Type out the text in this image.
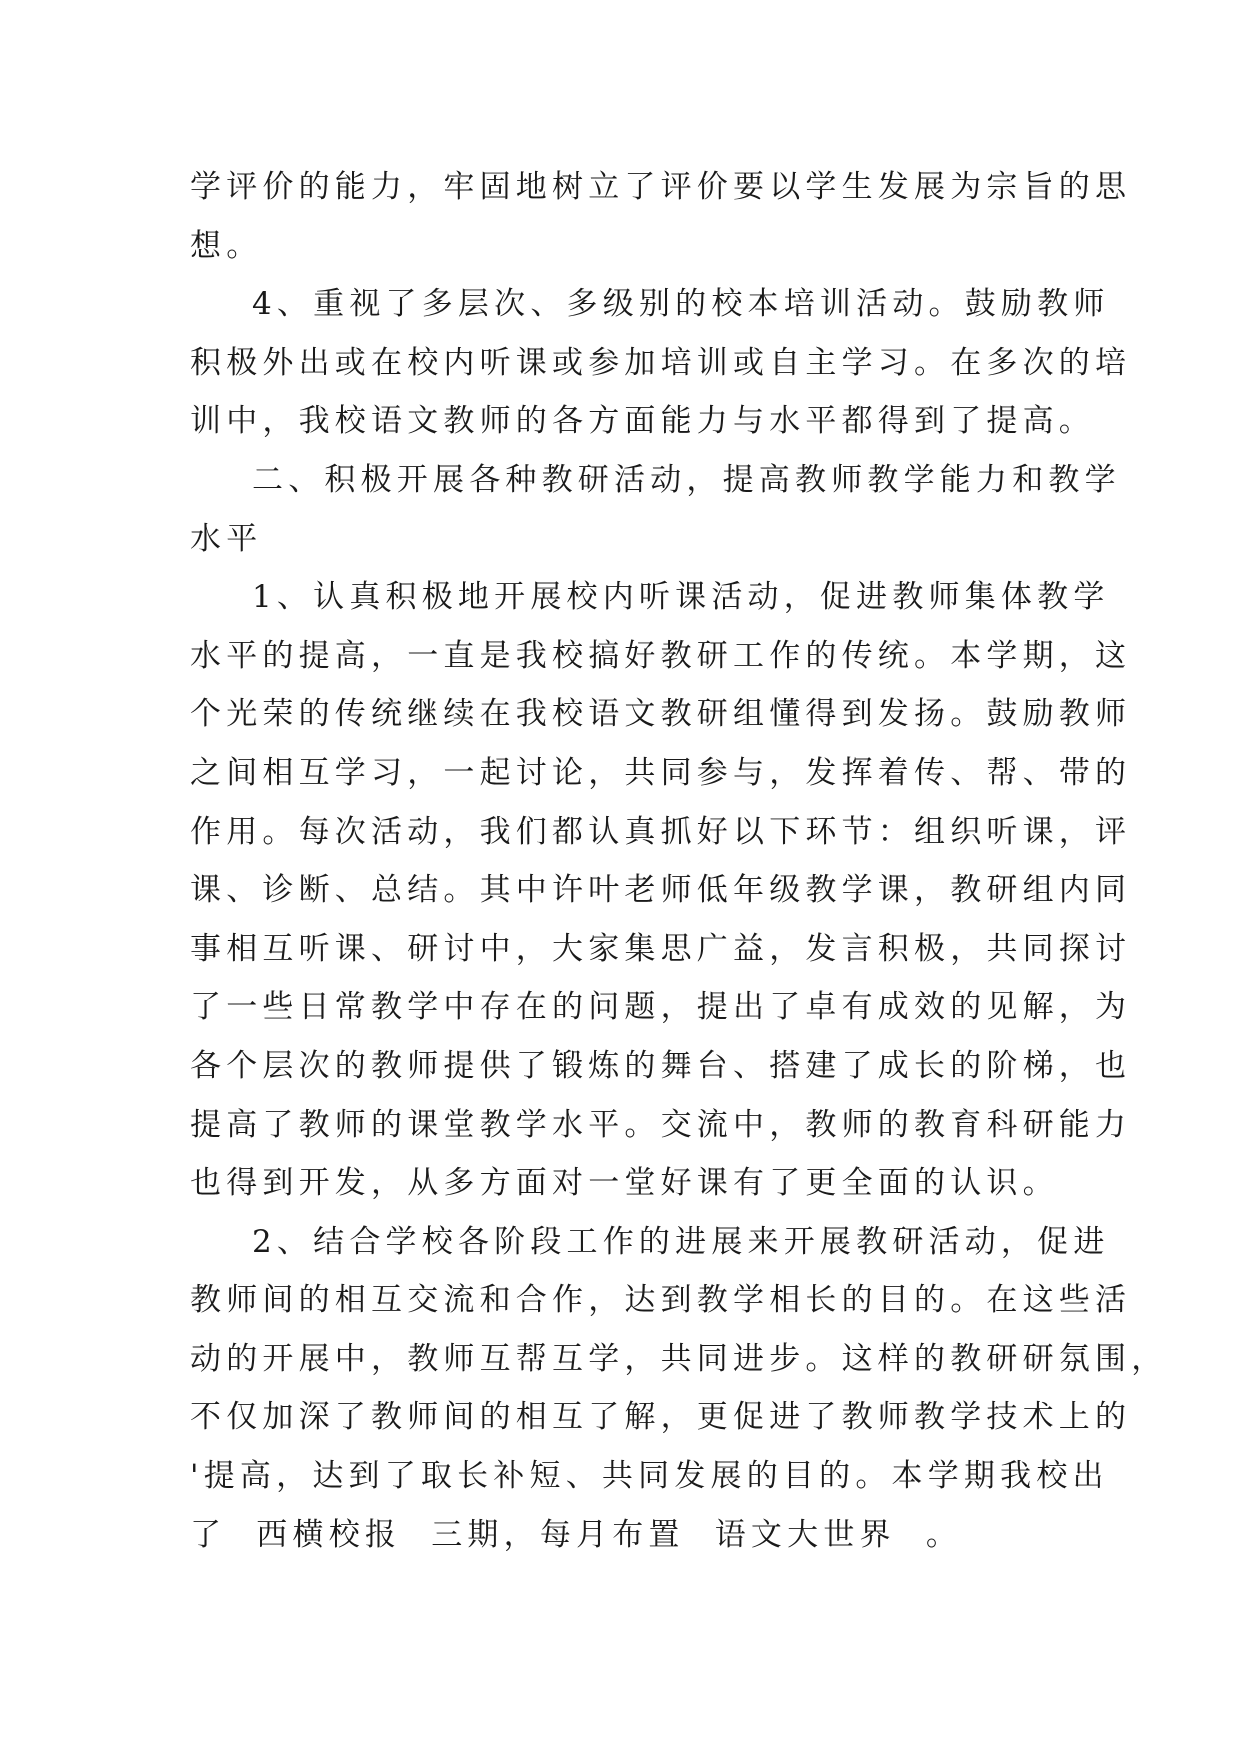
学评价的能力，牢固地树立了评价要以学生发展为宗旨的思
想。
4、重视了多层次、多级别的校本培训活动。鼓励教师
积极外出或在校内听课或参加培训或自主学习。在多次的培
训中，我校语文教师的各方面能力与水平都得到了提高。
二、积极开展各种教研活动，提高教师教学能力和教学
水平
1、认真积极地开展校内听课活动，促进教师集体教学
水平的提高，一直是我校搞好教研工作的传统。本学期，这
个光荣的传统继续在我校语文教研组懂得到发扬。鼓励教师
之间相互学习，一起讨论，共同参与，发挥着传、帮、带的
作用。每次活动，我们都认真抓好以下环节：组织听课，评
课、诊断、总结。其中许叶老师低年级教学课，教研组内同
事相互听课、研讨中，大家集思广益，发言积极，共同探讨
了一些日常教学中存在的问题，提出了卓有成效的见解，为
各个层次的教师提供了锻炼的舞台、搭建了成长的阶梯，也
提高了教师的课堂教学水平。交流中，教师的教育科研能力
也得到开发，从多方面对一堂好课有了更全面的认识。
2、结合学校各阶段工作的进展来开展教研活动，促进
教师间的相互交流和合作，达到教学相长的目的。在这些活
动的开展中，教师互帮互学，共同进步。这样的教研研氛围，
不仅加深了教师间的相互了解，更促进了教师教学技术上的
'提高，达到了取长补短、共同发展的目的。本学期我校出
了  西横校报  三期，每月布置  语文大世界  。
